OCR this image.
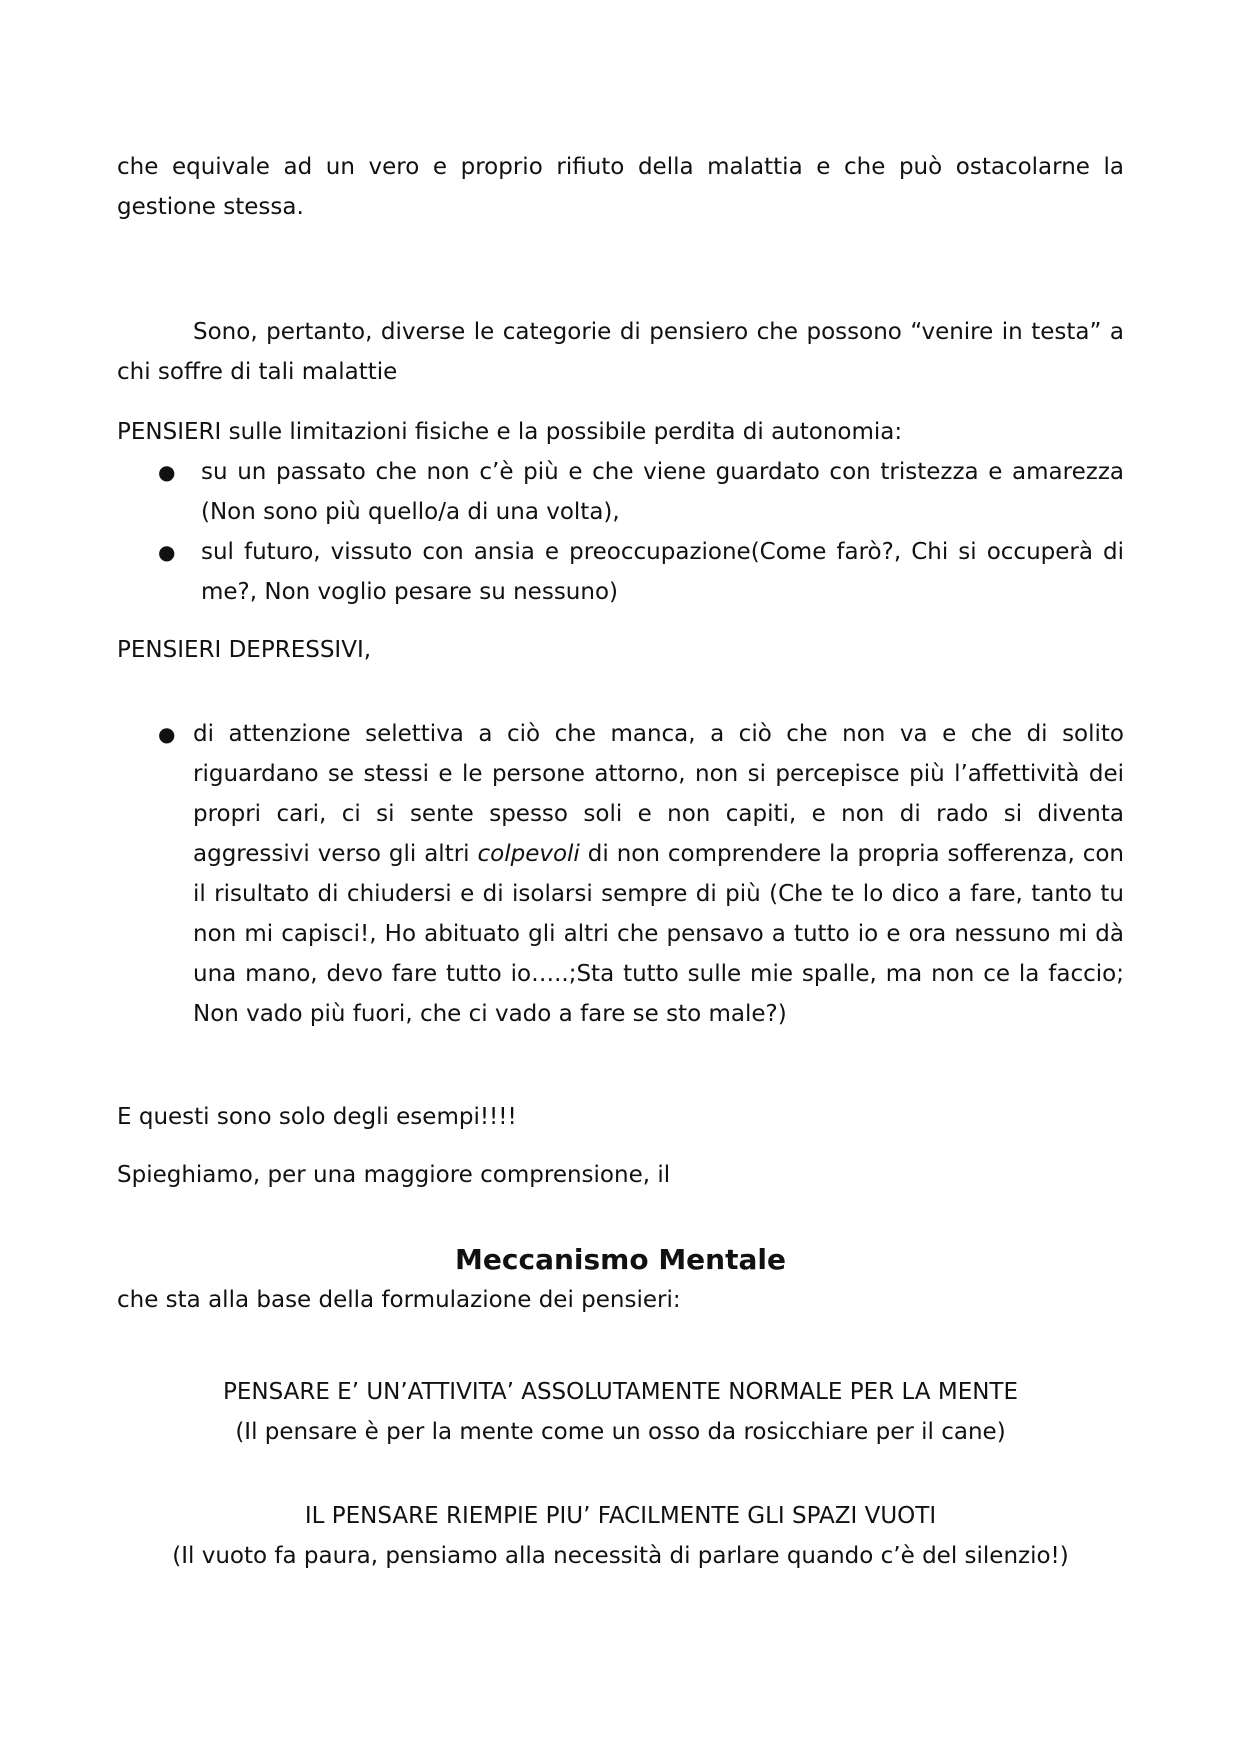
che equivale ad un vero e proprio rifiuto della malattia e che può ostacolarne la gestione stessa.
Sono, pertanto, diverse le categorie di pensiero che possono “venire in testa” a chi soffre di tali malattie
PENSIERI sulle limitazioni fisiche e la possibile perdita di autonomia:
● su un passato che non c’è più e che viene guardato con tristezza e amarezza (Non sono più quello/a di una volta),
● sul futuro, vissuto con ansia e preoccupazione(Come farò?, Chi si occuperà di me?, Non voglio pesare su nessuno)
PENSIERI DEPRESSIVI,
● di attenzione selettiva a ciò che manca, a ciò che non va e che di solito riguardano se stessi e le persone attorno, non si percepisce più l’affettività dei propri cari, ci si sente spesso soli e non capiti, e non di rado si diventa aggressivi verso gli altri colpevoli di non comprendere la propria sofferenza, con il risultato di chiudersi e di isolarsi sempre di più (Che te lo dico a fare, tanto tu non mi capisci!, Ho abituato gli altri che pensavo a tutto io e ora nessuno mi dà una mano, devo fare tutto io…..;Sta tutto sulle mie spalle, ma non ce la faccio; Non vado più fuori, che ci vado a fare se sto male?)
E questi sono solo degli esempi!!!!
Spieghiamo, per una maggiore comprensione, il
Meccanismo Mentale
che sta alla base della formulazione dei pensieri:
PENSARE E’ UN’ATTIVITA’ ASSOLUTAMENTE NORMALE PER LA MENTE
(Il pensare è per la mente come un osso da rosicchiare per il cane)
IL PENSARE RIEMPIE PIU’ FACILMENTE GLI SPAZI VUOTI
(Il vuoto fa paura, pensiamo alla necessità di parlare quando c’è del silenzio!)
